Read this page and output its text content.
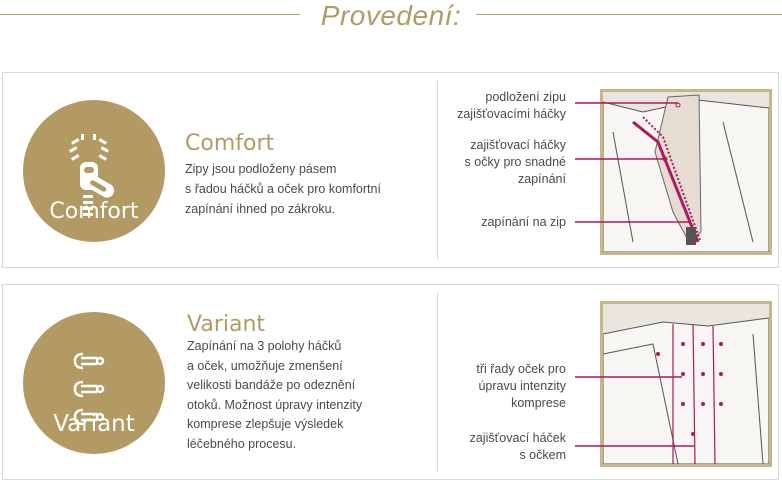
Provedení:
Comfort
Comfort
Zipy jsou podloženy pásem
s řadou háčků a oček pro komfortní
zapínání ihned po zákroku.
podložení zipu
zajišťovacími háčky
zajišťovací háčky
s očky pro snadné
zapínání
zapínání na zip
Variant
Variant
Zapínání na 3 polohy háčků
a oček, umožňuje zmenšení
velikosti bandáže po odeznění
otoků. Možnost úpravy intenzity
komprese zlepšuje výsledek
léčebného procesu.
tři řady oček pro
úpravu intenzity
komprese
zajišťovací háček
s očkem
